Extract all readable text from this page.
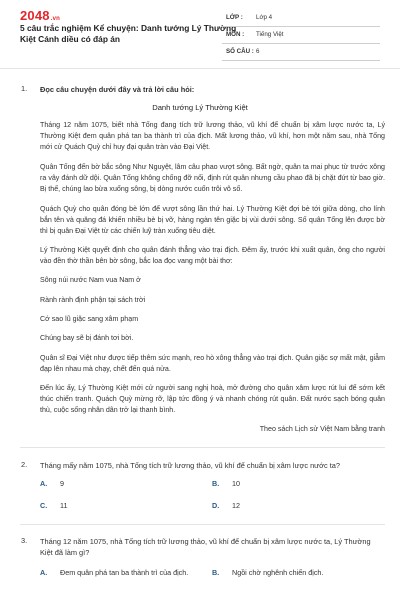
2048.vn
5 câu trắc nghiệm Kể chuyện: Danh tướng Lý Thường Kiệt Cánh diều có đáp án
LỚP : Lớp 4
MÔN : Tiếng Việt
SỐ CÂU : 6
1. Đọc câu chuyện dưới đây và trả lời câu hỏi:
Danh tướng Lý Thường Kiệt
Tháng 12 năm 1075, biết nhà Tống đang tích trữ lương thảo, vũ khí để chuẩn bị xâm lược nước ta, Lý Thường Kiệt đem quân phá tan ba thành trì của địch. Mất lương thảo, vũ khí, hơn một năm sau, nhà Tống mới cử Quách Quỳ chỉ huy đại quân tràn vào Đại Việt.
Quân Tống đến bờ bắc sông Như Nguyệt, lâm câu phao vượt sông. Bất ngờ, quân ta mai phục từ trước xông ra vây đánh dữ dội. Quân Tống không chống đỡ nổi, định rút quân nhưng cầu phao đã bị chặt đứt từ bao giờ. Bị thế, chúng lao bừa xuống sông, bị dòng nước cuốn trôi vô số.
Quách Quỳ cho quân đóng bè lớn để vượt sông lần thứ hai. Lý Thường Kiệt đợi bè tới giữa dòng, cho lính bắn tên và quăng đá khiến nhiều bè bị vỡ, hàng ngàn tên giặc bị vùi dưới sông. Số quân Tống lên được bờ thì bị quân Đại Việt từ các chiến luỹ tràn xuống tiêu diệt.
Lý Thường Kiệt quyết định cho quân đánh thẳng vào trại địch. Đêm ấy, trước khi xuất quân, ông cho người vào đền thờ thần bên bờ sông, bắc loa đọc vang một bài thơ:
Sông núi nước Nam vua Nam ở
Rành rành định phận tại sách trời
Cớ sao lũ giặc sang xâm phạm
Chúng bay sẽ bị đánh tơi bời.
Quân sĩ Đại Việt như được tiếp thêm sức mạnh, reo hò xông thẳng vào trại địch. Quân giặc sợ mất mật, giẫm đạp lên nhau mà chạy, chết đến quá nửa.
Đến lúc ấy, Lý Thường Kiệt mới cử người sang nghị hoà, mở đường cho quân xâm lược rút lui để sớm kết thúc chiến tranh. Quách Quỳ mừng rỡ, lập tức đồng ý và nhanh chóng rút quân. Đất nước sạch bóng quân thù, cuộc sống nhân dân trở lại thanh bình.
Theo sách Lịch sử Việt Nam bằng tranh
2. Tháng mấy năm 1075, nhà Tống tích trữ lương thảo, vũ khí để chuẩn bị xâm lược nước ta?
A. 9	B. 10
C. 11	D. 12
3. Tháng 12 năm 1075, nhà Tống tích trữ lương thảo, vũ khí để chuẩn bị xâm lược nước ta, Lý Thường Kiệt đã làm gì?
A. Đem quân phá tan ba thành trì của địch.	B. Ngồi chờ nghênh chiến địch.
